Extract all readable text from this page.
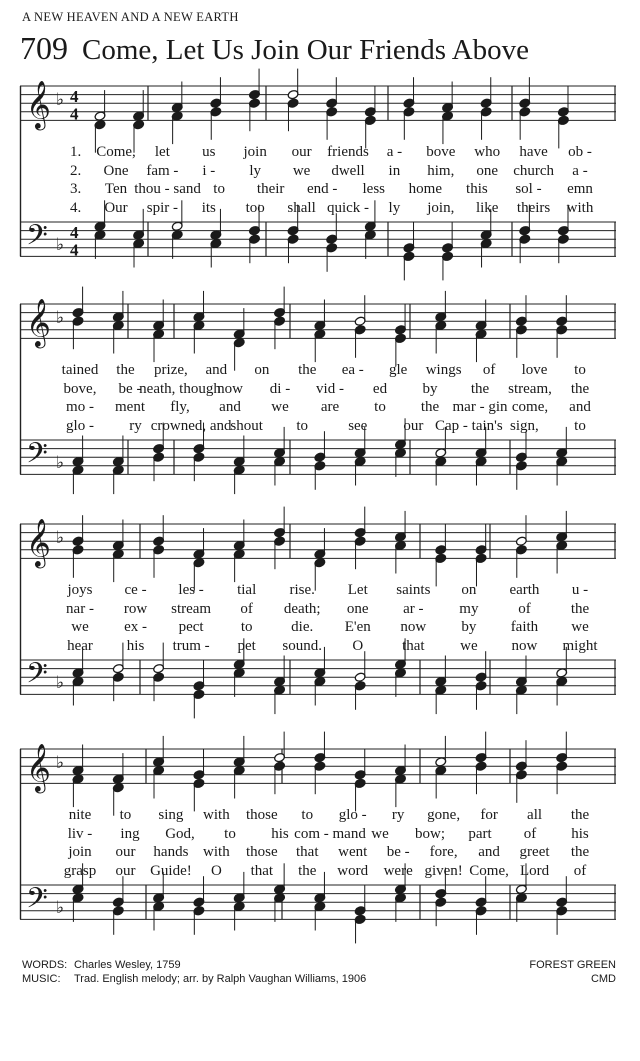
A NEW HEAVEN AND A NEW EARTH
709 Come, Let Us Join Our Friends Above
𝄞
𝄢
♭
♭
4
4
4
4
1. Come, let us join our friends a - bove who have ob -
2. One fam - i - ly we dwell in him, one church a -
3. Ten thou - sand to their end - less home this sol - emn
4. Our spir - its too shall quick - ly join, like theirs with
𝄞
𝄢
♭
♭
tained the prize, and on the ea - gle wings of love to
bove, be -
neath, though
now di - vid - ed by the stream, the
mo - ment fly, and we are to the mar - gin come, and
glo - ry crowned, and
shout to	see our Cap - tain's sign, to
𝄞
𝄢
♭
♭
joys ce - les - tial rise. Let saints on earth u -
nar - row stream of death; one ar - my	of	the
we ex - pect to	die. E'en now by faith we
hear his trum - pet sound. O	that we now might
𝄞
𝄢
♭
♭
nite to sing with those to glo - ry gone, for all the
liv - ing God, to his com - mand we bow; part of his
join our hands with those that went be - fore, and greet the
grasp our Guide! O that the word were given! Come, Lord of
WORDS: Charles Wesley, 1759
MUSIC:	Trad. English melody; arr. by Ralph Vaughan Williams, 1906
FOREST GREEN
CMD
